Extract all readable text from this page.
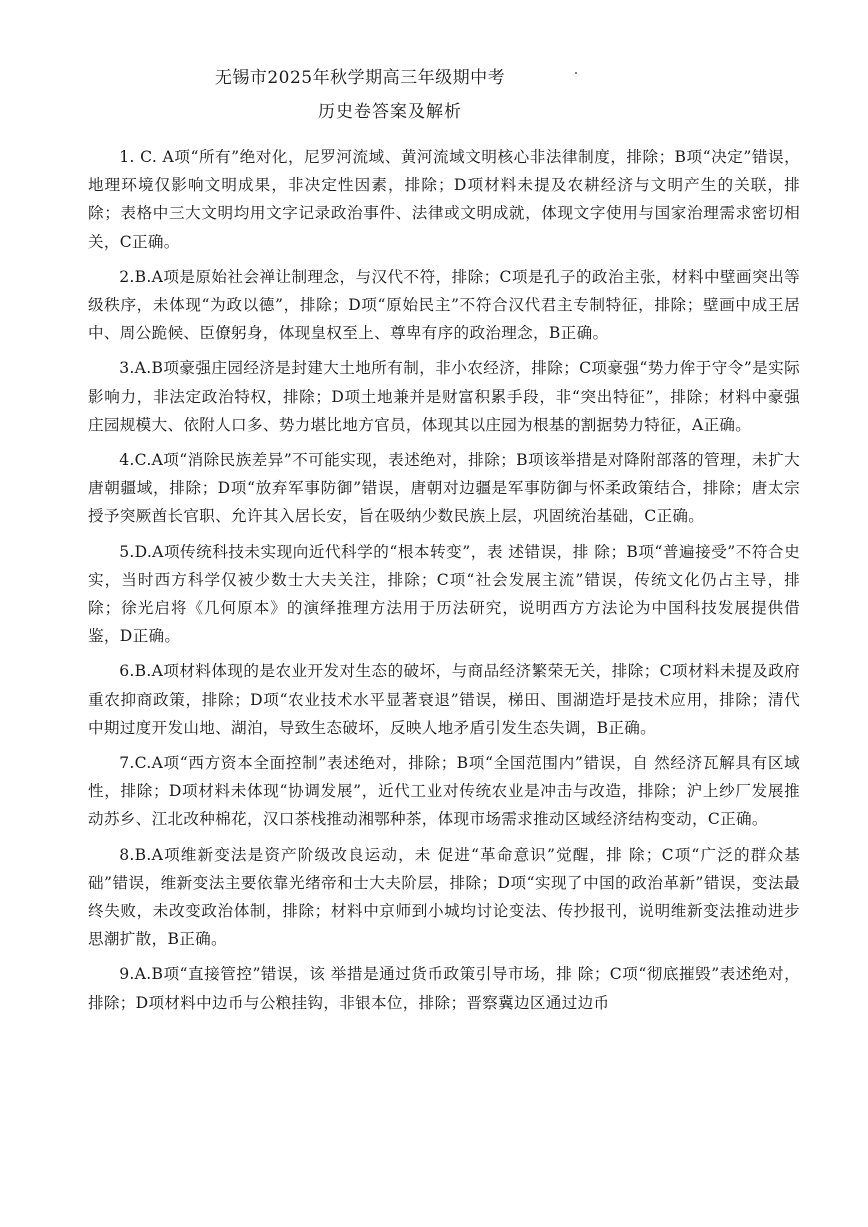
无锡市2025年秋学期高三年级期中考
历史卷答案及解析

1. C. A项“所有”绝对化，尼罗河流域、黄河流域文明核心非法律制度，排除；B项“决定”错误，地理环境仅影响文明成果，非决定性因素，排除；D项材料未提及农耕经济与文明产生的关联，排除；表格中三大文明均用文字记录政治事件、法律或文明成就，体现文字使用与国家治理需求密切相关，C正确。

2.B.A项是原始社会禅让制理念，与汉代不符，排除；C项是孔子的政治主张，材料中壁画突出等级秩序，未体现“为政以德”，排除；D项“原始民主”不符合汉代君主专制特征，排除；壁画中成王居中、周公跪候、臣僚躬身，体现皇权至上、尊卑有序的政治理念，B正确。

3.A.B项豪强庄园经济是封建大土地所有制，非小农经济，排除；C项豪强“势力侔于守令”是实际影响力，非法定政治特权，排除；D项土地兼并是财富积累手段，非“突出特征”，排除；材料中豪强庄园规模大、依附人口多、势力堪比地方官员，体现其以庄园为根基的割据势力特征，A正确。

4.C.A项“消除民族差异”不可能实现，表述绝对，排除；B项该举措是对降附部落的管理，未扩大唐朝疆域，排除；D项“放弃军事防御”错误，唐朝对边疆是军事防御与怀柔政策结合，排除；唐太宗授予突厥酋长官职、允许其入居长安，旨在吸纳少数民族上层，巩固统治基础，C正确。

5.D.A项传统科技未实现向近代科学的“根本转变”，表 述错误，排 除；B项“普遍接受”不符合史实，当时西方科学仅被少数士大夫关注，排除；C项“社会发展主流”错误，传统文化仍占主导，排除；徐光启将《几何原本》的演绎推理方法用于历法研究，说明西方方法论为中国科技发展提供借鉴，D正确。

6.B.A项材料体现的是农业开发对生态的破坏，与商品经济繁荣无关，排除；C项材料未提及政府重农抑商政策，排除；D项“农业技术水平显著衰退”错误，梯田、围湖造圩是技术应用，排除；清代中期过度开发山地、湖泊，导致生态破坏，反映人地矛盾引发生态失调，B正确。

7.C.A项“西方资本全面控制”表述绝对，排除；B项“全国范围内”错误，自 然经济瓦解具有区域性，排除；D项材料未体现“协调发展”，近代工业对传统农业是冲击与改造，排除；沪上纱厂发展推动苏乡、江北改种棉花，汉口茶栈推动湘鄂种茶，体现市场需求推动区域经济结构变动，C正确。

8.B.A项维新变法是资产阶级改良运动，未 促进“革命意识”觉醒，排 除；C项“广泛的群众基础”错误，维新变法主要依靠光绪帝和士大夫阶层，排除；D项“实现了中国的政治革新”错误，变法最终失败，未改变政治体制，排除；材料中京师到小城均讨论变法、传抄报刊，说明维新变法推动进步思潮扩散，B正确。

9.A.B项“直接管控”错误，该 举措是通过货币政策引导市场，排 除；C项“彻底摧毁”表述绝对，排除；D项材料中边币与公粮挂钩，非银本位，排除；晋察冀边区通过边币
